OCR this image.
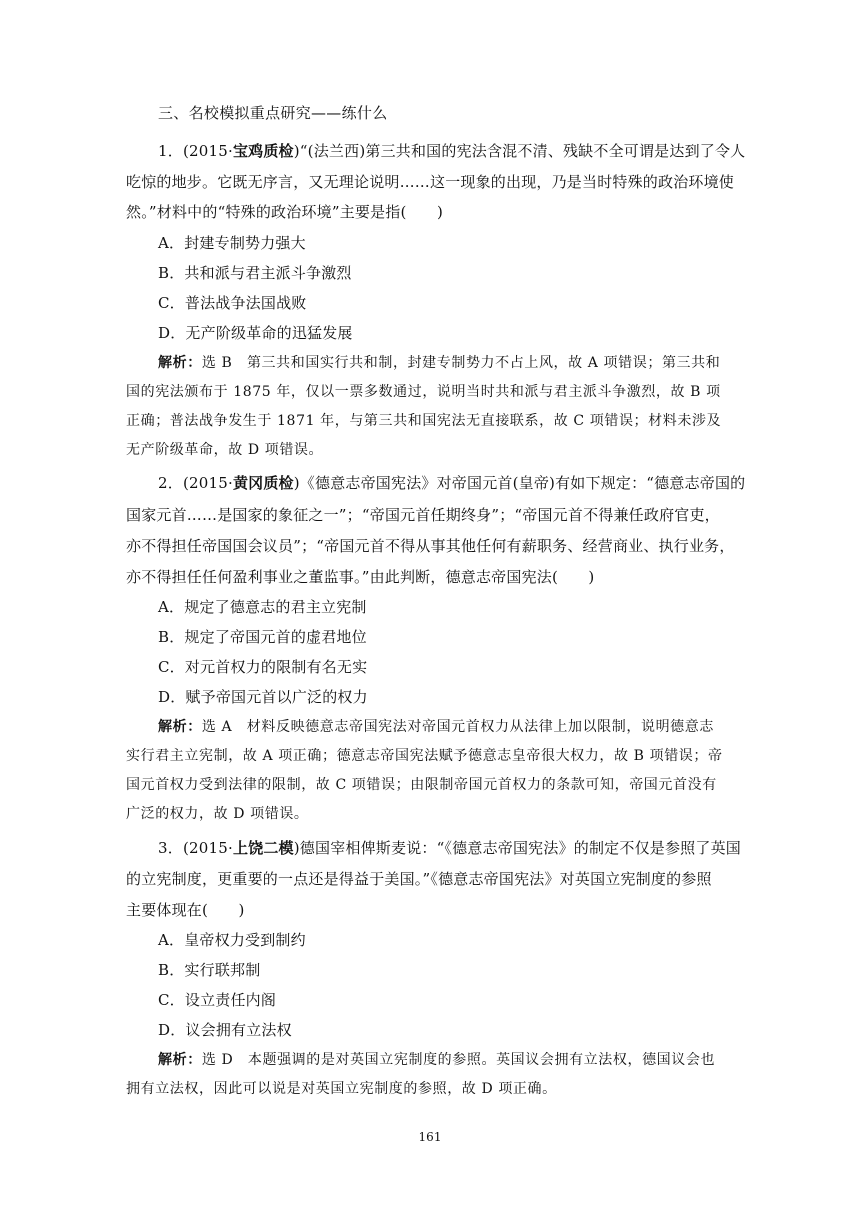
三、名校模拟重点研究——练什么
1．(2015·宝鸡质检)“(法兰西)第三共和国的宪法含混不清、残缺不全可谓是达到了令人
吃惊的地步。它既无序言，又无理论说明……这一现象的出现，乃是当时特殊的政治环境使
然。”材料中的“特殊的政治环境”主要是指(　　)
A．封建专制势力强大
B．共和派与君主派斗争激烈
C．普法战争法国战败
D．无产阶级革命的迅猛发展
解析：选 B　第三共和国实行共和制，封建专制势力不占上风，故 A 项错误；第三共和
国的宪法颁布于 1875 年，仅以一票多数通过，说明当时共和派与君主派斗争激烈，故 B 项
正确；普法战争发生于 1871 年，与第三共和国宪法无直接联系，故 C 项错误；材料未涉及
无产阶级革命，故 D 项错误。
2．(2015·黄冈质检)《德意志帝国宪法》对帝国元首(皇帝)有如下规定：“德意志帝国的
国家元首……是国家的象征之一”；“帝国元首任期终身”；“帝国元首不得兼任政府官吏，
亦不得担任帝国国会议员”；“帝国元首不得从事其他任何有薪职务、经营商业、执行业务，
亦不得担任任何盈利事业之董监事。”由此判断，德意志帝国宪法(　　)
A．规定了德意志的君主立宪制
B．规定了帝国元首的虚君地位
C．对元首权力的限制有名无实
D．赋予帝国元首以广泛的权力
解析：选 A　材料反映德意志帝国宪法对帝国元首权力从法律上加以限制，说明德意志
实行君主立宪制，故 A 项正确；德意志帝国宪法赋予德意志皇帝很大权力，故 B 项错误；帝
国元首权力受到法律的限制，故 C 项错误；由限制帝国元首权力的条款可知，帝国元首没有
广泛的权力，故 D 项错误。
3．(2015·上饶二模)德国宰相俾斯麦说：“《德意志帝国宪法》的制定不仅是参照了英国
的立宪制度，更重要的一点还是得益于美国。”《德意志帝国宪法》对英国立宪制度的参照
主要体现在(　　)
A．皇帝权力受到制约
B．实行联邦制
C．设立责任内阁
D．议会拥有立法权
解析：选 D　本题强调的是对英国立宪制度的参照。英国议会拥有立法权，德国议会也
拥有立法权，因此可以说是对英国立宪制度的参照，故 D 项正确。
161
